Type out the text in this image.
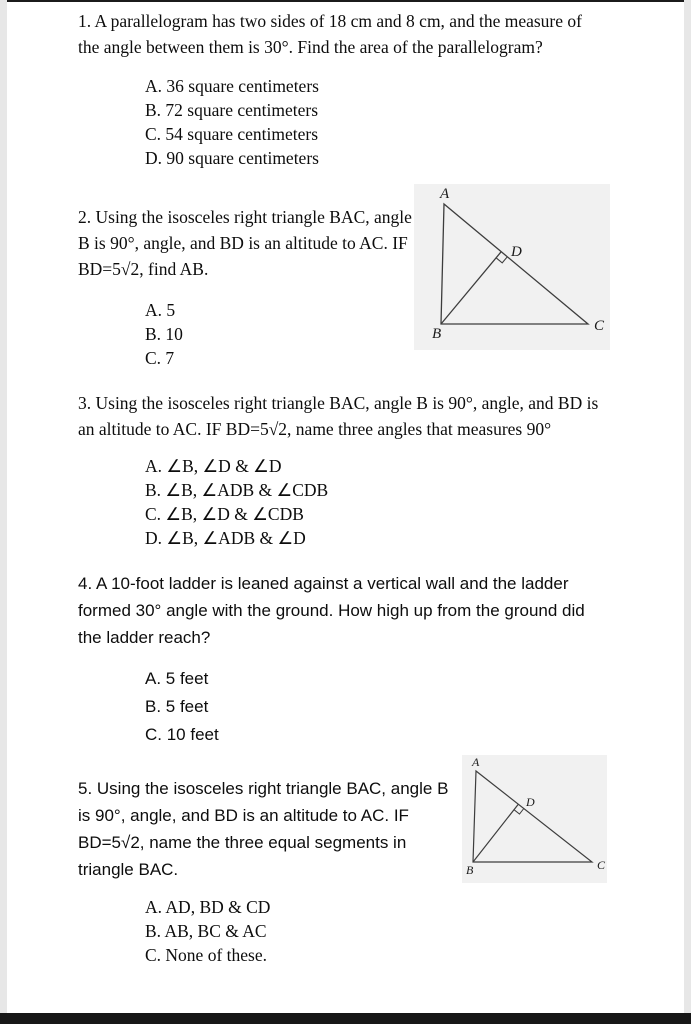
1. A parallelogram has two sides of 18 cm and 8 cm, and the measure of the angle between them is 30°. Find the area of the parallelogram?

A. 36 square centimeters
B. 72 square centimeters
C. 54 square centimeters
D. 90 square centimeters

2. Using the isosceles right triangle BAC, angle B is 90°, angle, and BD is an altitude to AC. IF BD=5√2, find AB.

A. 5
B. 10
C. 7
A
B	C
D

3. Using the isosceles right triangle BAC, angle B is 90°, angle, and BD is an altitude to AC. IF BD=5√2, name three angles that measures 90°

A. ∠B, ∠D & ∠D
B. ∠B, ∠ADB & ∠CDB
C. ∠B, ∠D & ∠CDB
D. ∠B, ∠ADB & ∠D

4. A 10-foot ladder is leaned against a vertical wall and the ladder formed 30° angle with the ground. How high up from the ground did the ladder reach?

A. 5 feet
B. 5 feet
C. 10 feet

5. Using the isosceles right triangle BAC, angle B is 90°, angle, and BD is an altitude to AC. IF BD=5√2, name the three equal segments in triangle BAC.

A
B	C
D
A. AD, BD & CD
B. AB, BC & AC
C. None of these.
